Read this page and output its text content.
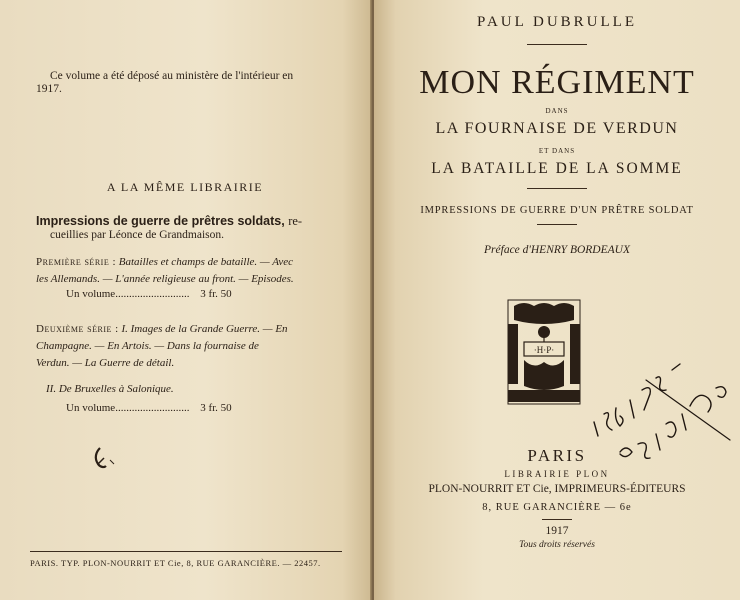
Ce volume a été déposé au ministère de l'intérieur en
1917.
A LA MÊME LIBRAIRIE
Impressions de guerre de prêtres soldats, re-
cueillies par Léonce de Grandmaison.
Première série : Batailles et champs de bataille. — Avec
les Allemands. — L'année religieuse au front. — Episodes.
Un volume........................... 3 fr. 50
Deuxième série : I. Images de la Grande Guerre. — En
Champagne. — En Artois. — Dans la fournaise de
Verdun. — La Guerre de détail.
II. De Bruxelles à Salonique.
Un volume........................... 3 fr. 50
PARIS. TYP. PLON-NOURRIT ET Cie, 8, RUE GARANCIÈRE. — 22457.
PAUL DUBRULLE
MON RÉGIMENT
DANS
LA FOURNAISE DE VERDUN
ET DANS
LA BATAILLE DE LA SOMME
IMPRESSIONS DE GUERRE D'UN PRÊTRE SOLDAT
Préface d'HENRY BORDEAUX
·H·P·
PARIS
LIBRAIRIE PLON
PLON-NOURRIT ET Cie, IMPRIMEURS-ÉDITEURS
8, RUE GARANCIÈRE — 6e
1917
Tous droits réservés
